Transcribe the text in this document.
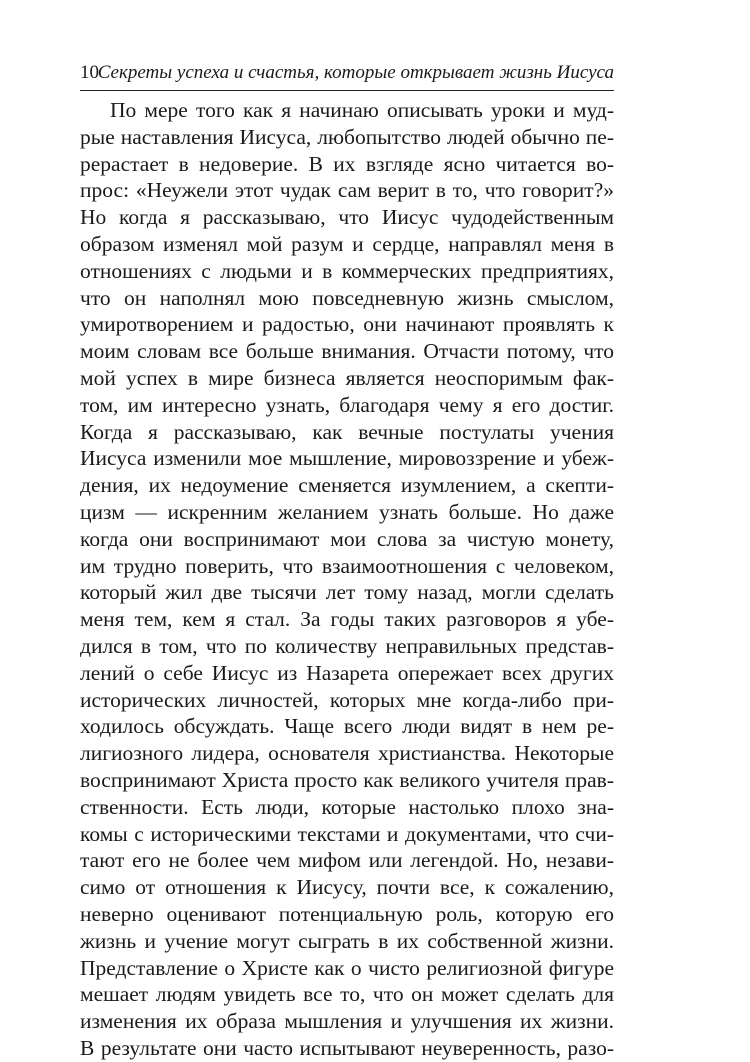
10
Секреты успеха и счастья, которые открывает жизнь Иисуса
По мере того как я начинаю описывать уроки и муд-
рые наставления Иисуса, любопытство людей обычно пе-
рерастает в недоверие. В их взгляде ясно читается во-
прос: «Неужели этот чудак сам верит в то, что говорит?»
Но когда я рассказываю, что Иисус чудодейственным
образом изменял мой разум и сердце, направлял меня в
отношениях с людьми и в коммерческих предприятиях,
что он наполнял мою повседневную жизнь смыслом,
умиротворением и радостью, они начинают проявлять к
моим словам все больше внимания. Отчасти потому, что
мой успех в мире бизнеса является неоспоримым фак-
том, им интересно узнать, благодаря чему я его достиг.
Когда я рассказываю, как вечные постулаты учения
Иисуса изменили мое мышление, мировоззрение и убеж-
дения, их недоумение сменяется изумлением, а скепти-
цизм — искренним желанием узнать больше. Но даже
когда они воспринимают мои слова за чистую монету,
им трудно поверить, что взаимоотношения с человеком,
который жил две тысячи лет тому назад, могли сделать
меня тем, кем я стал. За годы таких разговоров я убе-
дился в том, что по количеству неправильных представ-
лений о себе Иисус из Назарета опережает всех других
исторических личностей, которых мне когда-либо при-
ходилось обсуждать. Чаще всего люди видят в нем ре-
лигиозного лидера, основателя христианства. Некоторые
воспринимают Христа просто как великого учителя прав-
ственности. Есть люди, которые настолько плохо зна-
комы с историческими текстами и документами, что счи-
тают его не более чем мифом или легендой. Но, незави-
симо от отношения к Иисусу, почти все, к сожалению,
неверно оценивают потенциальную роль, которую его
жизнь и учение могут сыграть в их собственной жизни.
Представление о Христе как о чисто религиозной фигуре
мешает людям увидеть все то, что он может сделать для
изменения их образа мышления и улучшения их жизни.
В результате они часто испытывают неуверенность, разо-
